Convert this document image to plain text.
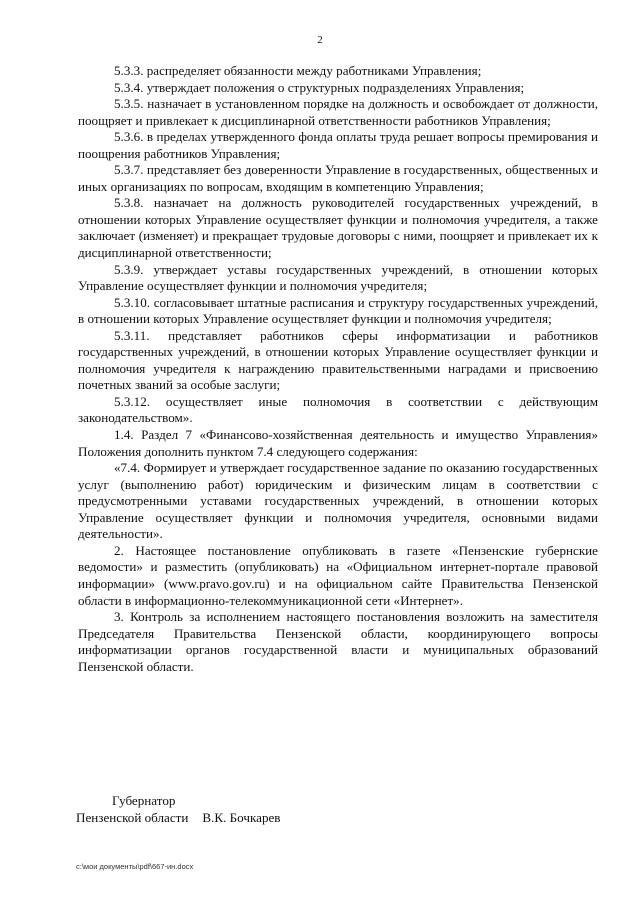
2

5.3.3. распределяет обязанности между работниками Управления;

5.3.4. утверждает положения о структурных подразделениях Управления;

5.3.5. назначает в установленном порядке на должность и освобождает от должности, поощряет и привлекает к дисциплинарной ответственности работников Управления;

5.3.6. в пределах утвержденного фонда оплаты труда решает вопросы премирования и поощрения работников Управления;

5.3.7. представляет без доверенности Управление в государственных, общественных и иных организациях по вопросам, входящим в компетенцию Управления;

5.3.8. назначает на должность руководителей государственных учреждений, в отношении которых Управление осуществляет функции и полномочия учредителя, а также заключает (изменяет) и прекращает трудовые договоры с ними, поощряет и привлекает их к дисциплинарной ответственности;

5.3.9. утверждает уставы государственных учреждений, в отношении которых Управление осуществляет функции и полномочия учредителя;

5.3.10. согласовывает штатные расписания и структуру государственных учреждений, в отношении которых Управление осуществляет функции и полномочия учредителя;

5.3.11. представляет работников сферы информатизации и работников государственных учреждений, в отношении которых Управление осуществляет функции и полномочия учредителя к награждению правительственными наградами и присвоению почетных званий за особые заслуги;

5.3.12. осуществляет иные полномочия в соответствии с действующим законодательством».

1.4. Раздел 7 «Финансово-хозяйственная деятельность и имущество Управления» Положения дополнить пунктом 7.4 следующего содержания:

«7.4. Формирует и утверждает государственное задание по оказанию государственных услуг (выполнению работ) юридическим и физическим лицам в соответствии с предусмотренными уставами государственных учреждений, в отношении которых Управление осуществляет функции и полномочия учредителя, основными видами деятельности».

2. Настоящее постановление опубликовать в газете «Пензенские губернские ведомости» и разместить (опубликовать) на «Официальном интернет-портале правовой информации» (www.pravo.gov.ru) и на официальном сайте Правительства Пензенской области в информационно-телекоммуникационной сети «Интернет».

3. Контроль за исполнением настоящего постановления возложить на заместителя Председателя Правительства Пензенской области, координирующего вопросы информатизации органов государственной власти и муниципальных образований Пензенской области.

Губернатор
Пензенской области В.К. Бочкарев
c:\мои документы\pdf\667-ин.docx
